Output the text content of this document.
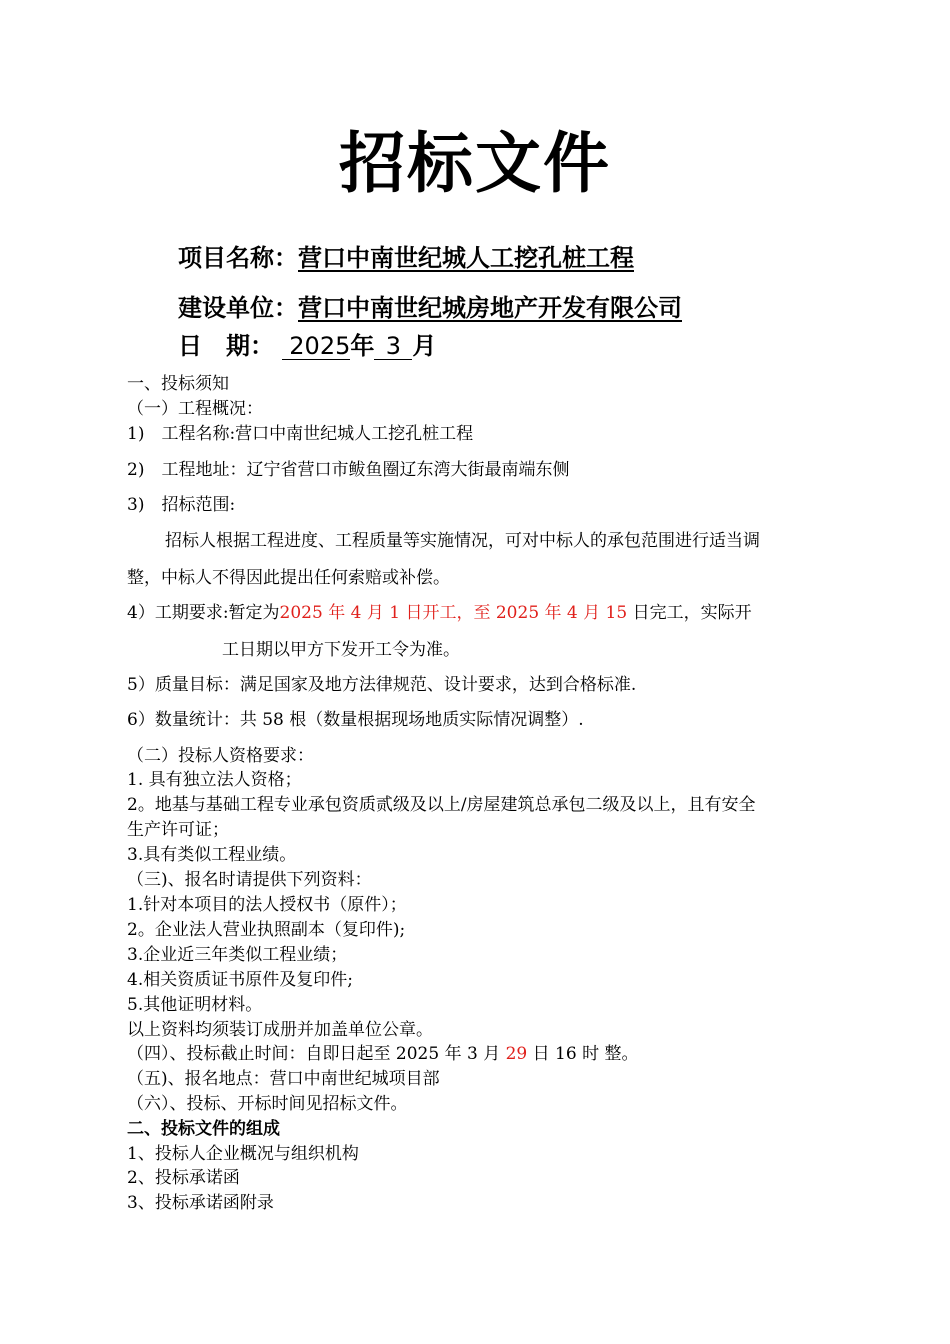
招标文件
项目名称：营口中南世纪城人工挖孔桩工程
建设单位：营口中南世纪城房地产开发有限公司
日　期： 2025年 3 月
一、投标须知
（一）工程概况：
1)　工程名称:营口中南世纪城人工挖孔桩工程
2)　工程地址：辽宁省营口市鲅鱼圈辽东湾大街最南端东侧
3)　招标范围:
招标人根据工程进度、工程质量等实施情况，可对中标人的承包范围进行适当调
整，中标人不得因此提出任何索赔或补偿。
4）工期要求:暂定为2025 年 4 月 1 日开工，至 2025 年 4 月 15 日完工，实际开
工日期以甲方下发开工令为准。
5）质量目标：满足国家及地方法律规范、设计要求，达到合格标准.
6）数量统计：共 58 根（数量根据现场地质实际情况调整）.
（二）投标人资格要求：
1. 具有独立法人资格；
2。地基与基础工程专业承包资质贰级及以上/房屋建筑总承包二级及以上，且有安全
生产许可证；
3.具有类似工程业绩。
（三)、报名时请提供下列资料：
1.针对本项目的法人授权书（原件）；
2。企业法人营业执照副本（复印件);
3.企业近三年类似工程业绩；
4.相关资质证书原件及复印件;
5.其他证明材料。
以上资料均须装订成册并加盖单位公章。
（四）、投标截止时间：自即日起至 2025 年 3 月 29 日 16 时 整。
（五)、报名地点：营口中南世纪城项目部
（六）、投标、开标时间见招标文件。
二、投标文件的组成
1、投标人企业概况与组织机构
2、投标承诺函
3、投标承诺函附录
